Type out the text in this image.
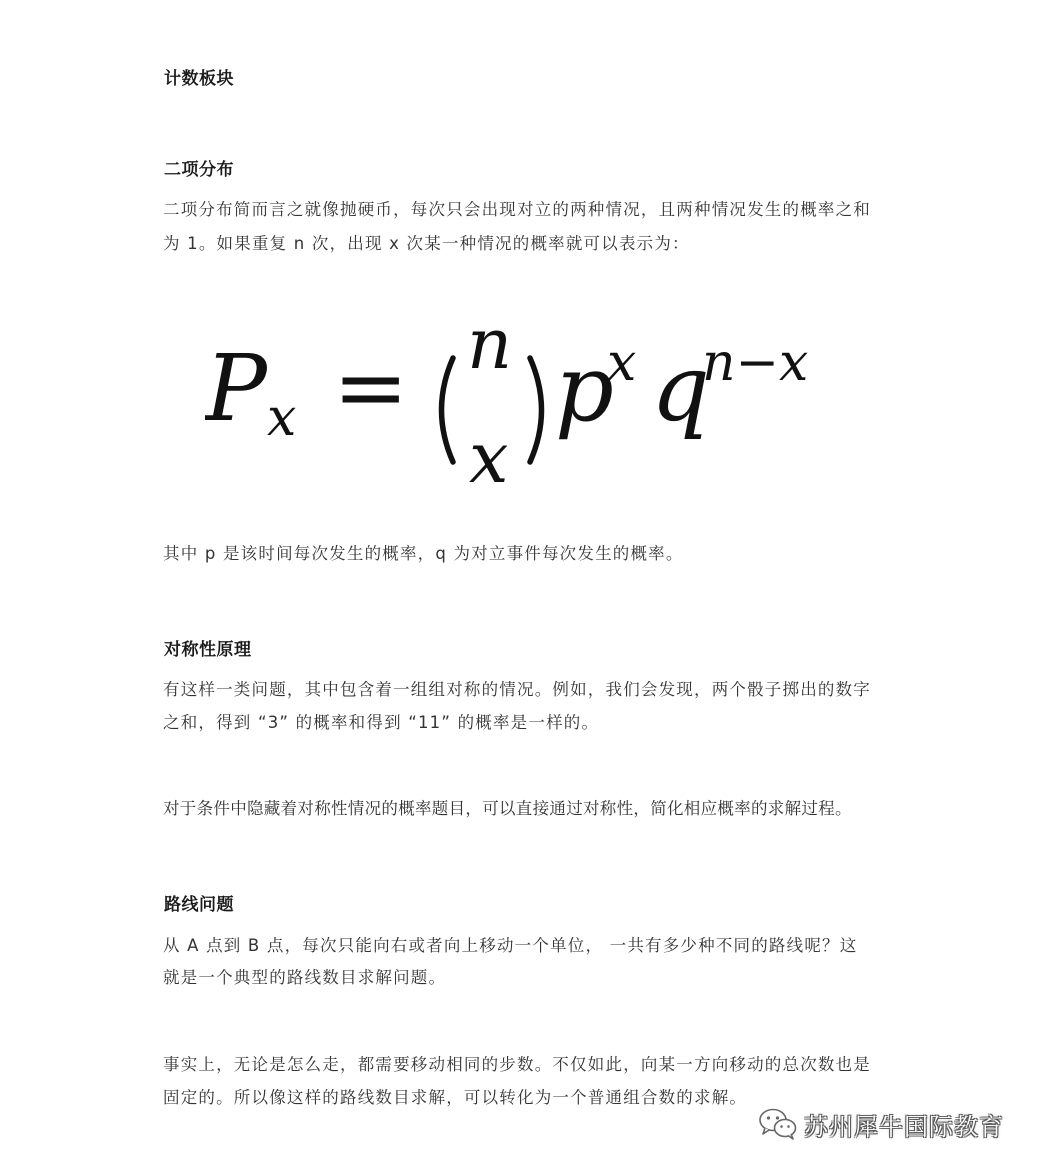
计数板块
二项分布
二项分布简而言之就像抛硬币，每次只会出现对立的两种情况，且两种情况发生的概率之和
为 1。如果重复 n 次，出现 x 次某一种情况的概率就可以表示为：
P x = n
x
p
x q
n−x
其中 p 是该时间每次发生的概率，q 为对立事件每次发生的概率。
对称性原理
有这样一类问题，其中包含着一组组对称的情况。例如，我们会发现，两个骰子掷出的数字
之和，得到 “3” 的概率和得到 “11” 的概率是一样的。
对于条件中隐藏着对称性情况的概率题目，可以直接通过对称性，简化相应概率的求解过程。
路线问题
从 A 点到 B 点，每次只能向右或者向上移动一个单位， 一共有多少种不同的路线呢？这
就是一个典型的路线数目求解问题。
事实上，无论是怎么走，都需要移动相同的步数。不仅如此，向某一方向移动的总次数也是
固定的。所以像这样的路线数目求解，可以转化为一个普通组合数的求解。
苏州犀牛国际教育
